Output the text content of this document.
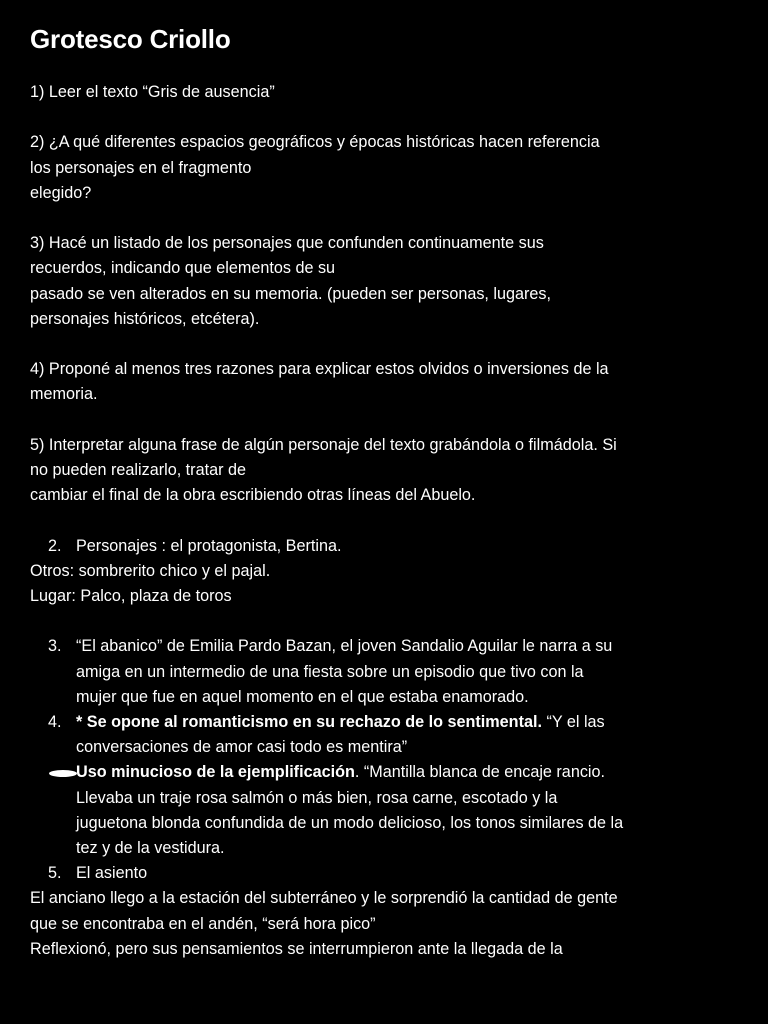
Grotesco Criollo
1) Leer el texto “Gris de ausencia”
2) ¿A qué diferentes espacios geográficos y épocas históricas hacen referencia
los personajes en el fragmento
elegido?
3) Hacé un listado de los personajes que confunden continuamente sus
recuerdos, indicando que elementos de su
pasado se ven alterados en su memoria. (pueden ser personas, lugares,
personajes históricos, etcétera).
4) Proponé al menos tres razones para explicar estos olvidos o inversiones de la
memoria.
5) Interpretar alguna frase de algún personaje del texto grabándola o filmádola. Si
no pueden realizarlo, tratar de
cambiar el final de la obra escribiendo otras líneas del Abuelo.
2. Personajes : el protagonista, Bertina.
Otros: sombrerito chico y el pajal.
Lugar: Palco, plaza de toros
3. “El abanico” de Emilia Pardo Bazan, el joven Sandalio Aguilar le narra a su
amiga en un intermedio de una fiesta sobre un episodio que tivo con la
mujer que fue en aquel momento en el que estaba enamorado.
4. * Se opone al romanticismo en su rechazo de lo sentimental. “Y el las
conversaciones de amor casi todo es mentira”
Uso minucioso de la ejemplificación. “Mantilla blanca de encaje rancio.
Llevaba un traje rosa salmón o más bien, rosa carne, escotado y la
juguetona blonda confundida de un modo delicioso, los tonos similares de la
tez y de la vestidura.
5. El asiento
El anciano llego a la estación del subterráneo y le sorprendió la cantidad de gente
que se encontraba en el andén, “será hora pico”
Reflexionó, pero sus pensamientos se interrumpieron ante la llegada de la
